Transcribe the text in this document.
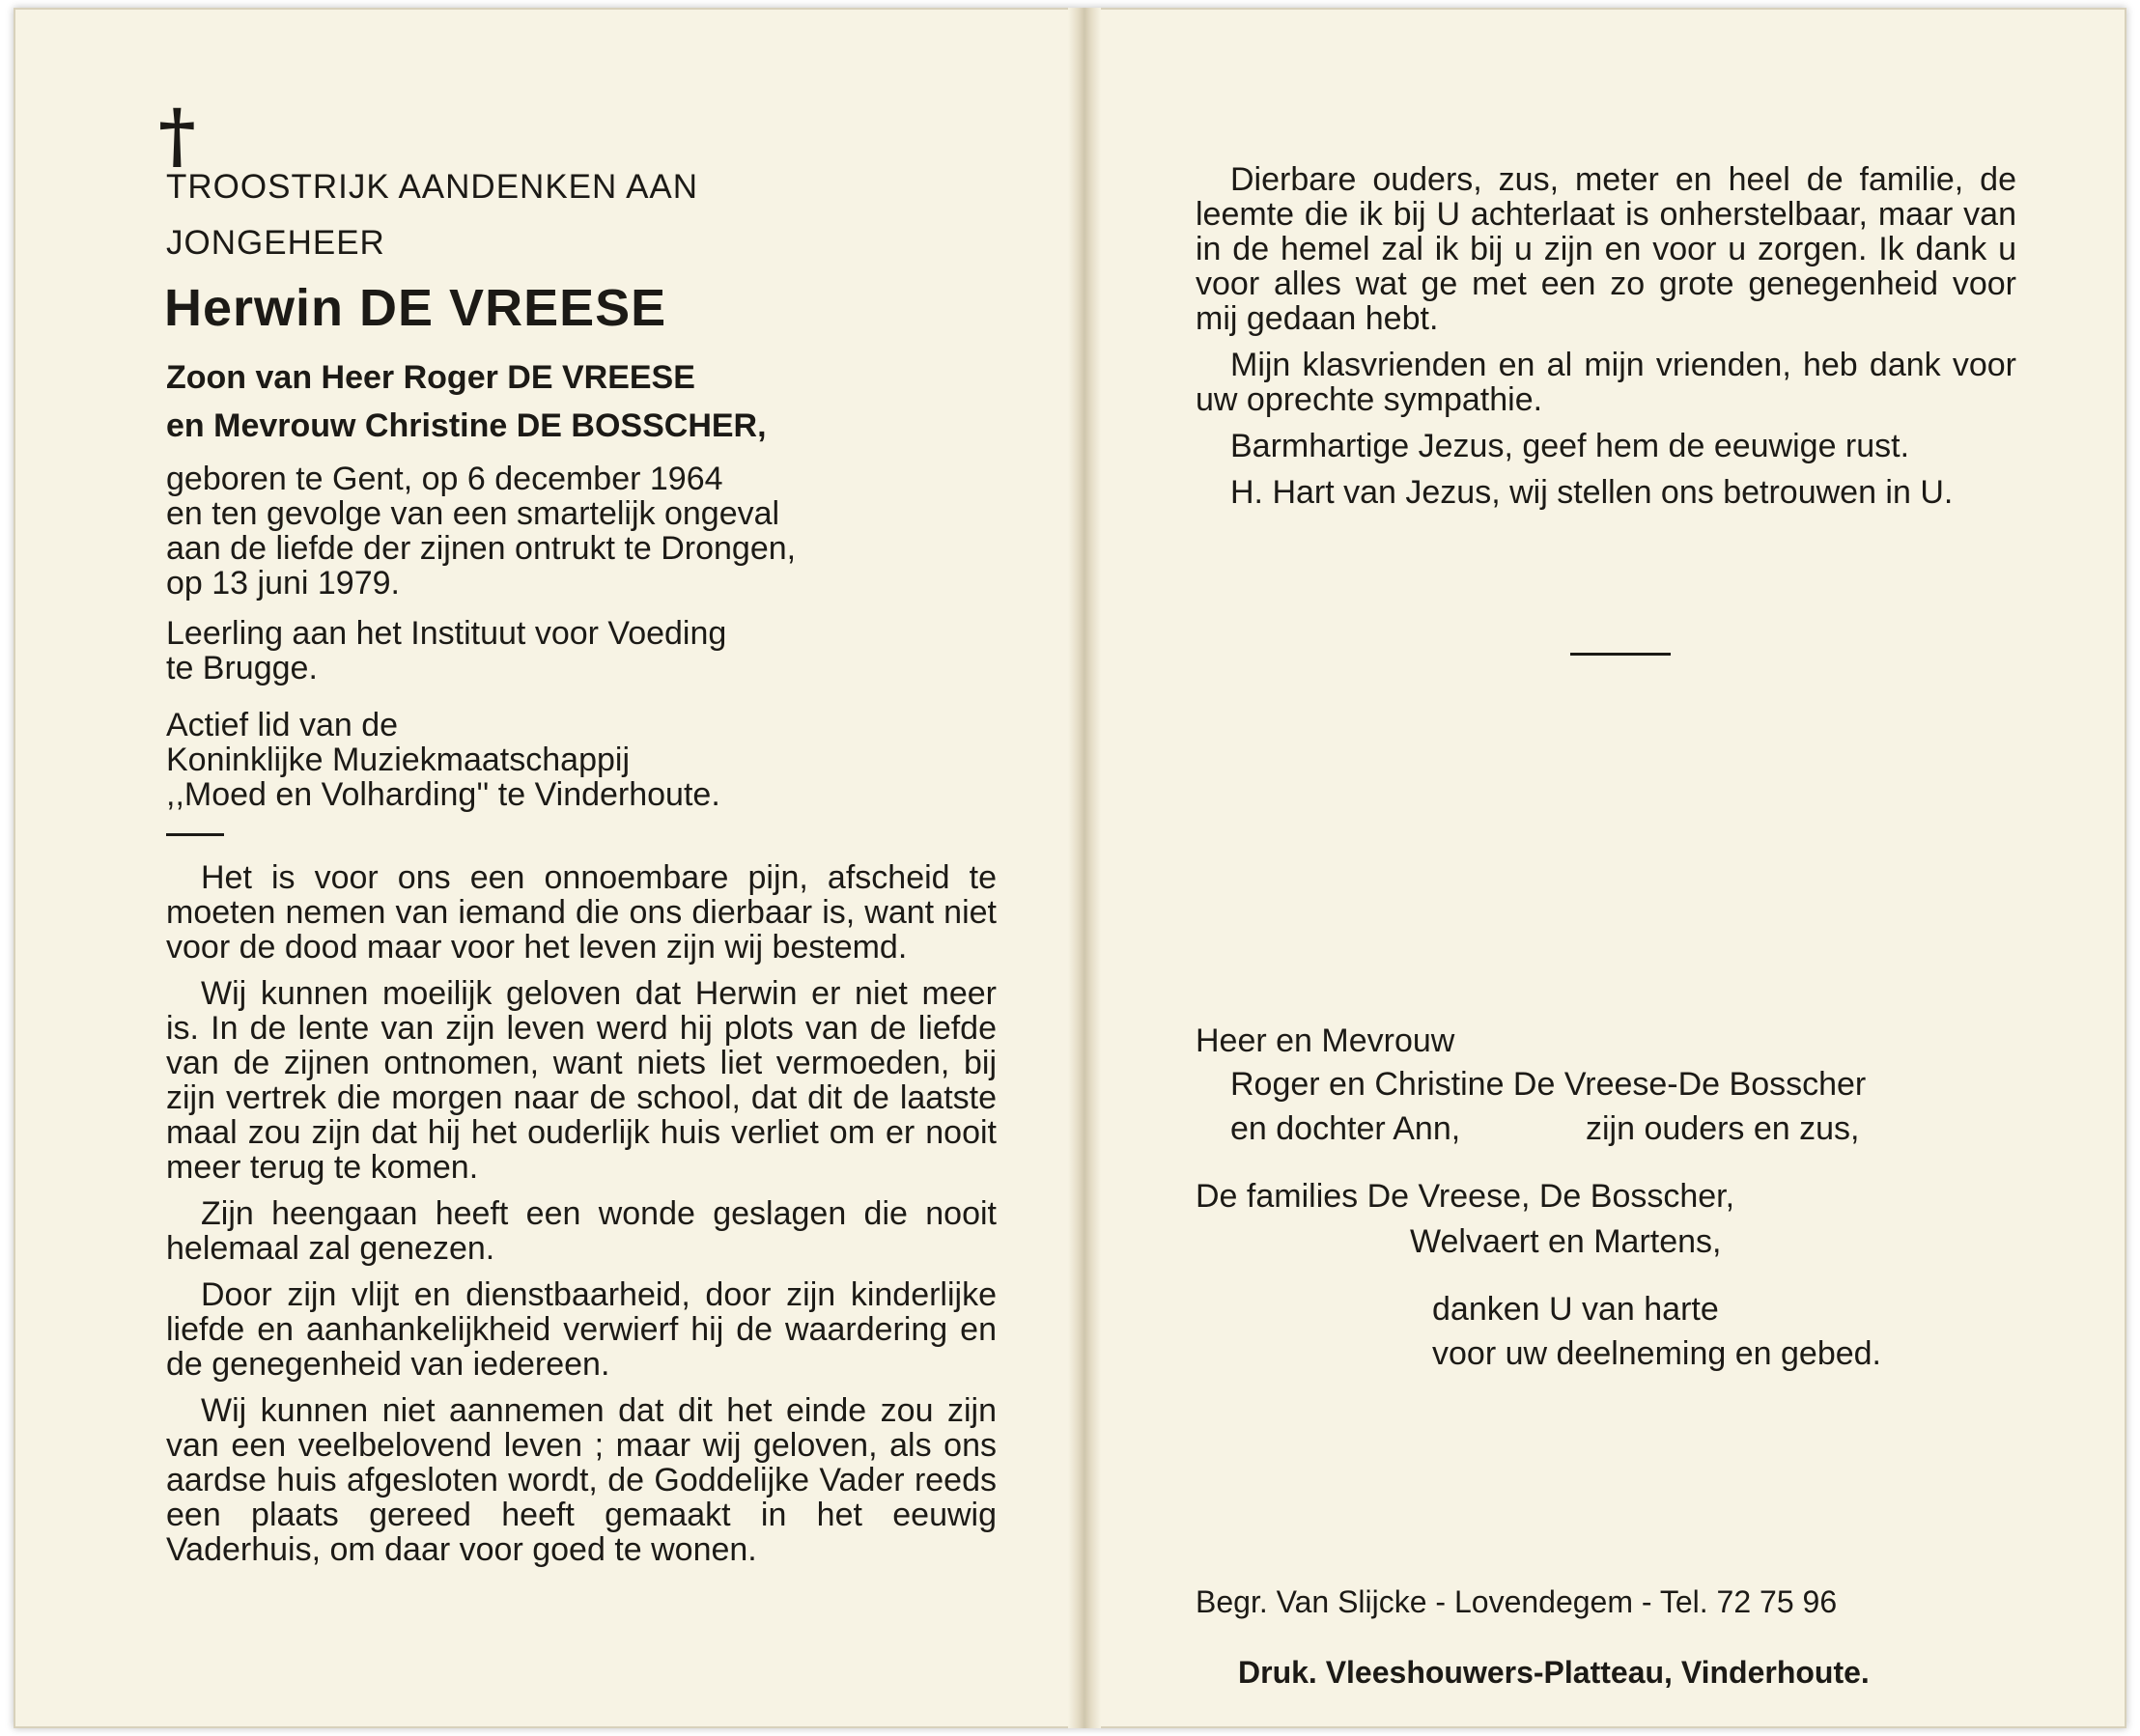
†
TROOSTRIJK AANDENKEN AAN
JONGEHEER
Herwin DE VREESE
Zoon van Heer Roger DE VREESE
en Mevrouw Christine DE BOSSCHER,
geboren te Gent, op 6 december 1964
en ten gevolge van een smartelijk ongeval
aan de liefde der zijnen ontrukt te Drongen,
op 13 juni 1979.
Leerling aan het Instituut voor Voeding
te Brugge.
Actief lid van de
Koninklijke Muziekmaatschappij
,,Moed en Volharding'' te Vinderhoute.
Het is voor ons een onnoembare pijn, afscheid te moeten nemen van iemand die ons dierbaar is, want niet voor de dood maar voor het leven zijn wij bestemd.
Wij kunnen moeilijk geloven dat Herwin er niet meer is. In de lente van zijn leven werd hij plots van de liefde van de zijnen ontnomen, want niets liet vermoeden, bij zijn vertrek die morgen naar de school, dat dit de laatste maal zou zijn dat hij het ouderlijk huis verliet om er nooit meer terug te komen.
Zijn heengaan heeft een wonde geslagen die nooit helemaal zal genezen.
Door zijn vlijt en dienstbaarheid, door zijn kinderlijke liefde en aanhankelijkheid verwierf hij de waardering en de genegenheid van iedereen.
Wij kunnen niet aannemen dat dit het einde zou zijn van een veelbelovend leven ; maar wij geloven, als ons aardse huis afgesloten wordt, de Goddelijke Vader reeds een plaats gereed heeft gemaakt in het eeuwig Vaderhuis, om daar voor goed te wonen.
Dierbare ouders, zus, meter en heel de familie, de leemte die ik bij U achterlaat is onherstelbaar, maar van in de hemel zal ik bij u zijn en voor u zorgen. Ik dank u voor alles wat ge met een zo grote genegenheid voor mij gedaan hebt.
Mijn klasvrienden en al mijn vrienden, heb dank voor uw oprechte sympathie.
Barmhartige Jezus, geef hem de eeuwige rust.
H. Hart van Jezus, wij stellen ons betrouwen in U.
Heer en Mevrouw
Roger en Christine De Vreese-De Bosscher
en dochter Ann,	zijn ouders en zus,
De families De Vreese, De Bosscher,
Welvaert en Martens,
danken U van harte
voor uw deelneming en gebed.
Begr. Van Slijcke - Lovendegem - Tel. 72 75 96
Druk. Vleeshouwers-Platteau, Vinderhoute.
